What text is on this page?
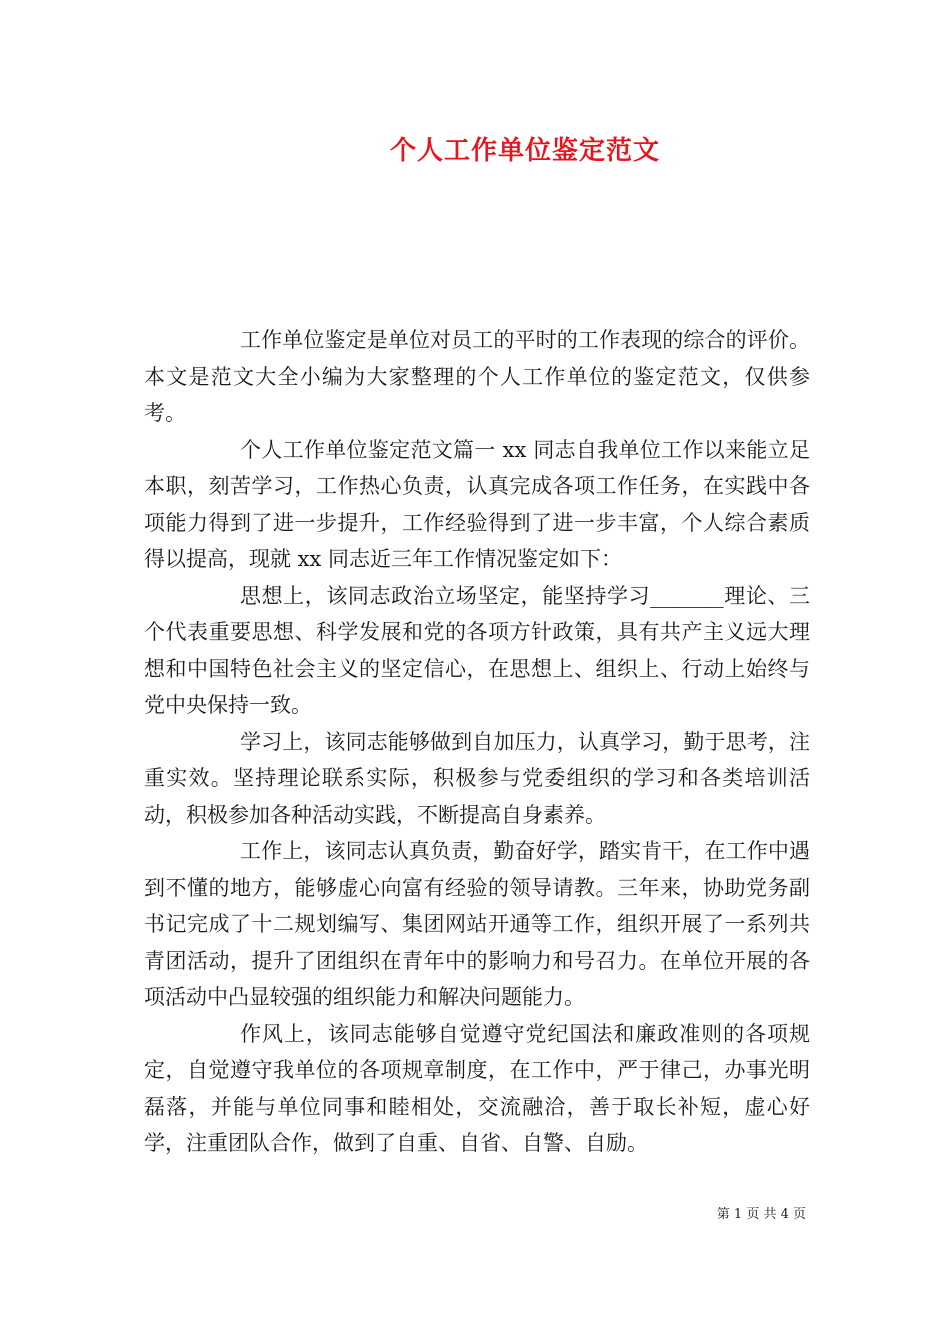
个人工作单位鉴定范文

工作单位鉴定是单位对员工的平时的工作表现的综合的评价。本文是范文大全小编为大家整理的个人工作单位的鉴定范文，仅供参考。

个人工作单位鉴定范文篇一 xx 同志自我单位工作以来能立足本职，刻苦学习，工作热心负责，认真完成各项工作任务，在实践中各项能力得到了进一步提升，工作经验得到了进一步丰富，个人综合素质得以提高，现就 xx 同志近三年工作情况鉴定如下：

思想上，该同志政治立场坚定，能坚持学习_______理论、三个代表重要思想、科学发展和党的各项方针政策，具有共产主义远大理想和中国特色社会主义的坚定信心，在思想上、组织上、行动上始终与党中央保持一致。

学习上，该同志能够做到自加压力，认真学习，勤于思考，注重实效。坚持理论联系实际，积极参与党委组织的学习和各类培训活动，积极参加各种活动实践，不断提高自身素养。

工作上，该同志认真负责，勤奋好学，踏实肯干，在工作中遇到不懂的地方，能够虚心向富有经验的领导请教。三年来，协助党务副书记完成了十二规划编写、集团网站开通等工作，组织开展了一系列共青团活动，提升了团组织在青年中的影响力和号召力。在单位开展的各项活动中凸显较强的组织能力和解决问题能力。

作风上，该同志能够自觉遵守党纪国法和廉政准则的各项规定，自觉遵守我单位的各项规章制度，在工作中，严于律己，办事光明磊落，并能与单位同事和睦相处，交流融洽，善于取长补短，虚心好学，注重团队合作，做到了自重、自省、自警、自励。

第 1 页 共 4 页
